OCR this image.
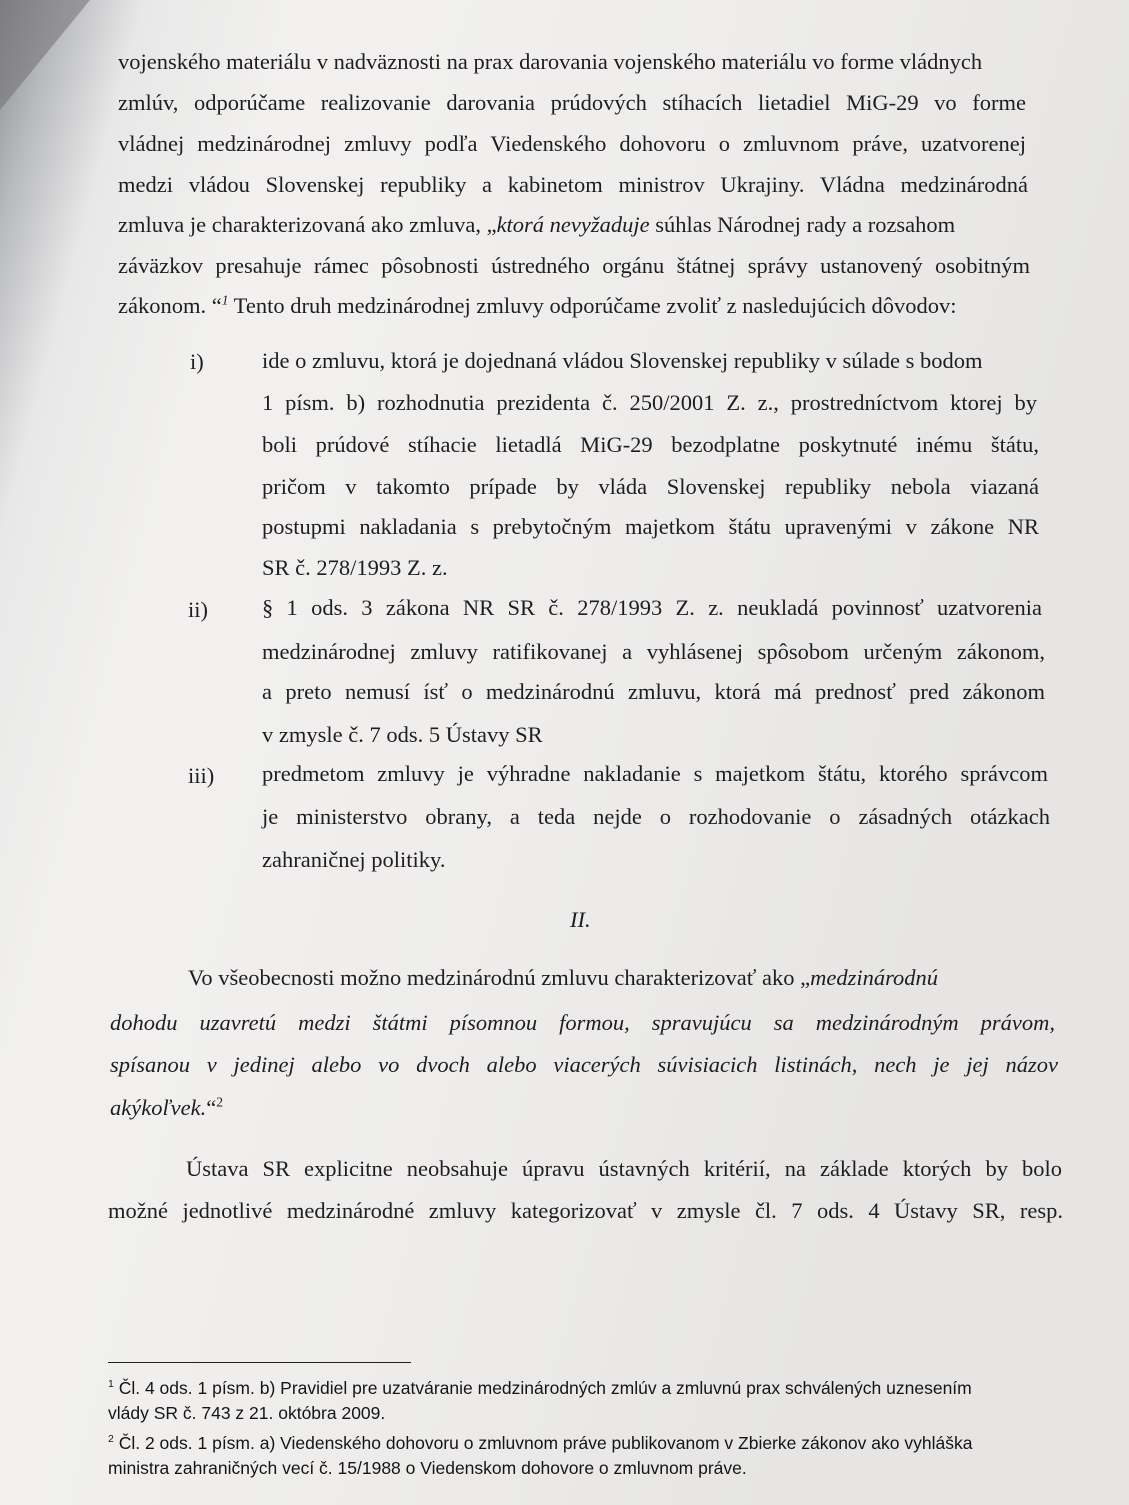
vojenského materiálu v nadväznosti na prax darovania vojenského materiálu vo forme vládnych
zmlúv, odporúčame realizovanie darovania prúdových stíhacích lietadiel MiG-29 vo forme
vládnej medzinárodnej zmluvy podľa Viedenského dohovoru o zmluvnom práve, uzatvorenej
medzi vládou Slovenskej republiky a kabinetom ministrov Ukrajiny. Vládna medzinárodná
zmluva je charakterizovaná ako zmluva, „ktorá nevyžaduje súhlas Národnej rady a rozsahom
záväzkov presahuje rámec pôsobnosti ústredného orgánu štátnej správy ustanovený osobitným
zákonom. “$^1$ Tento druh medzinárodnej zmluvy odporúčame zvoliť z nasledujúcich dôvodov:
i)	ide o zmluvu, ktorá je dojednaná vládou Slovenskej republiky v súlade s bodom
1 písm. b) rozhodnutia prezidenta č. 250/2001 Z. z., prostredníctvom ktorej by
boli prúdové stíhacie lietadlá MiG-29 bezodplatne poskytnuté inému štátu,
pričom v takomto prípade by vláda Slovenskej republiky nebola viazaná
postupmi nakladania s prebytočným majetkom štátu upravenými v zákone NR
SR č. 278/1993 Z. z.
ii) § 1 ods. 3 zákona NR SR č. 278/1993 Z. z. neukladá povinnosť uzatvorenia
medzinárodnej zmluvy ratifikovanej a vyhlásenej spôsobom určeným zákonom,
a preto nemusí ísť o medzinárodnú zmluvu, ktorá má prednosť pred zákonom
v zmysle č. 7 ods. 5 Ústavy SR
iii) predmetom zmluvy je výhradne nakladanie s majetkom štátu, ktorého správcom
je ministerstvo obrany, a teda nejde o rozhodovanie o zásadných otázkach
zahraničnej politiky.
II.
Vo všeobecnosti možno medzinárodnú zmluvu charakterizovať ako „medzinárodnú
dohodu uzavretú medzi štátmi písomnou formou, spravujúcu sa medzinárodným právom,
spísanou v jedinej alebo vo dvoch alebo viacerých súvisiacich listinách, nech je jej názov
akýkoľvek.“$^2$
Ústava SR explicitne neobsahuje úpravu ústavných kritérií, na základe ktorých by bolo
možné jednotlivé medzinárodné zmluvy kategorizovať v zmysle čl. 7 ods. 4 Ústavy SR, resp.
$^1$ Čl. 4 ods. 1 písm. b) Pravidiel pre uzatváranie medzinárodných zmlúv a zmluvnú prax schválených uznesením
vlády SR č. 743 z 21. októbra 2009.
$^2$ Čl. 2 ods. 1 písm. a) Viedenského dohovoru o zmluvnom práve publikovanom v Zbierke zákonov ako vyhláška
ministra zahraničných vecí č. 15/1988 o Viedenskom dohovore o zmluvnom práve.
